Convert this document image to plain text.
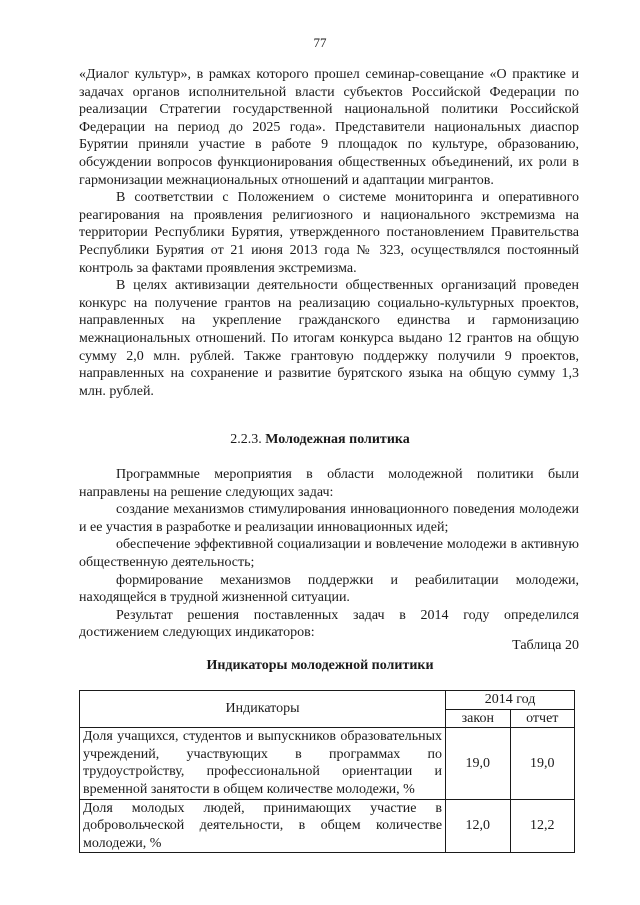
77

«Диалог культур», в рамках которого прошел семинар-совещание «О практике и задачах органов исполнительной власти субъектов Российской Федерации по реализации Стратегии государственной национальной политики Российской Федерации на период до 2025 года». Представители национальных диаспор Бурятии приняли участие в работе 9 площадок по культуре, образованию, обсуждении вопросов функционирования общественных объединений, их роли в гармонизации межнациональных отношений и адаптации мигрантов.

В соответствии с Положением о системе мониторинга и оперативного реагирования на проявления религиозного и национального экстремизма на территории Республики Бурятия, утвержденного постановлением Правительства Республики Бурятия от 21 июня 2013 года № 323, осуществлялся постоянный контроль за фактами проявления экстремизма.

В целях активизации деятельности общественных организаций проведен конкурс на получение грантов на реализацию социально-культурных проектов, направленных на укрепление гражданского единства и гармонизацию межнациональных отношений. По итогам конкурса выдано 12 грантов на общую сумму 2,0 млн. рублей. Также грантовую поддержку получили 9 проектов, направленных на сохранение и развитие бурятского языка на общую сумму 1,3 млн. рублей.

2.2.3. Молодежная политика

Программные мероприятия в области молодежной политики были направлены на решение следующих задач:

создание механизмов стимулирования инновационного поведения молодежи и ее участия в разработке и реализации инновационных идей;

обеспечение эффективной социализации и вовлечение молодежи в активную общественную деятельность;

формирование механизмов поддержки и реабилитации молодежи, находящейся в трудной жизненной ситуации.

Результат решения поставленных задач в 2014 году определился достижением следующих индикаторов:

Таблица 20
Индикаторы молодежной политики
Индикаторы	2014 год	
	закон	отчет
Доля учащихся, студентов и выпускников образовательных учреждений, участвующих в программах по трудоустройству, профессиональной ориентации и временной занятости в общем количестве молодежи, %	19,0	19,0
Доля молодых людей, принимающих участие в добровольческой деятельности, в общем количестве молодежи, %	12,0	12,2
